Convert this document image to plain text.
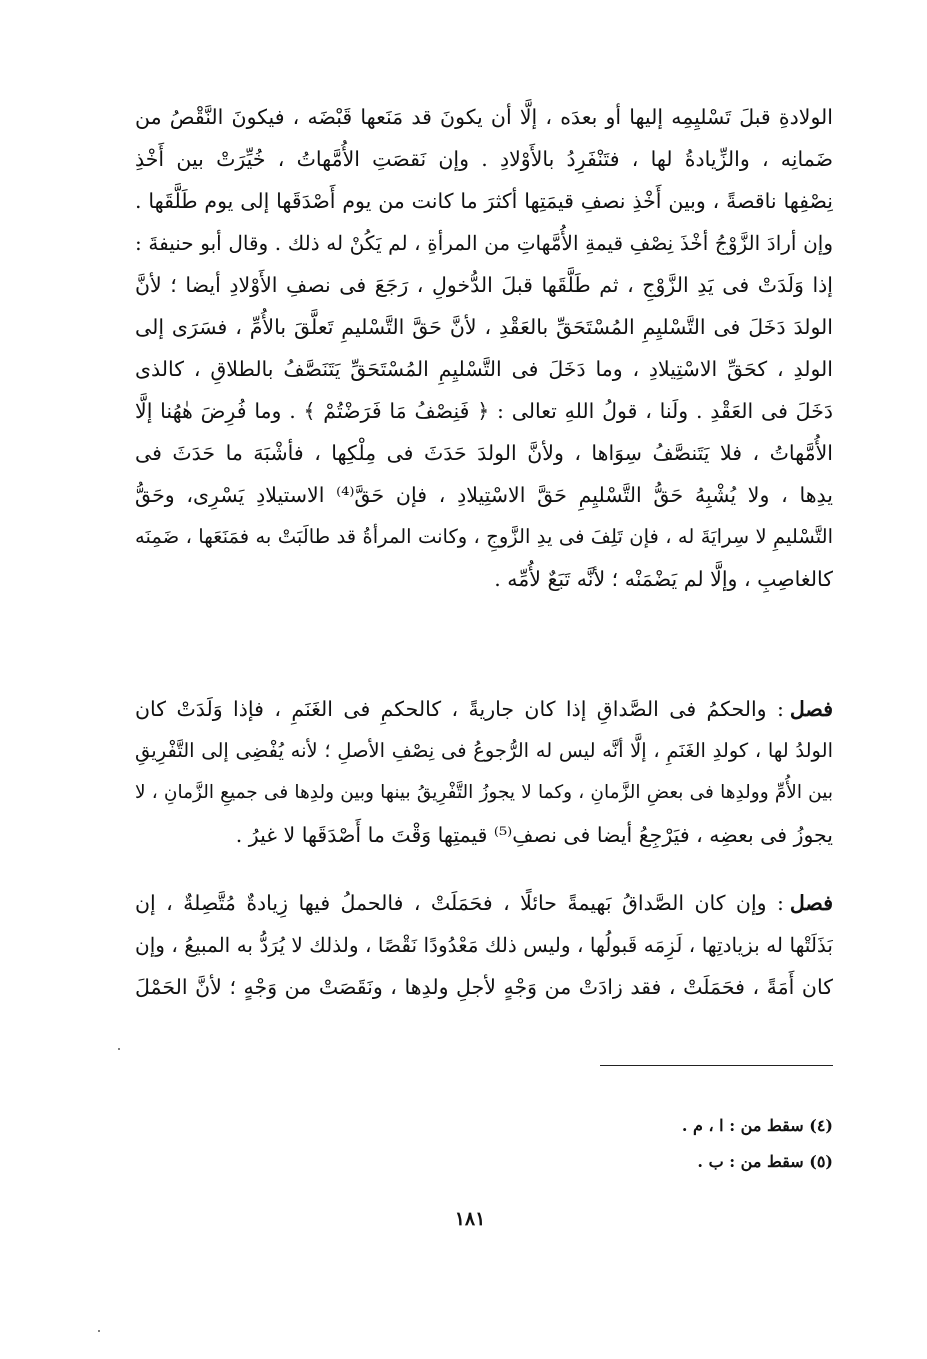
الولادةِ قبلَ تَسْليِمِه إليها أو بعدَه ، إلَّا أن يكونَ قد مَنَعها قَبْضَه ، فيكونَ النَّقْصُ من
ضَمانِه ، والزِّيادةُ لها ، فتَنْفَرِدُ بالأَوْلادِ . وإن نَقصَتِ الأُمَّهاتُ ، خُيِّرَتْ بين أَخْذِ
نِصْفِها ناقصةً ، وبين أَخْذِ نصفِ قيمَتِها أكثرَ ما كانت من يوم أَصْدَقَها إلى يوم طَلَّقَها .
وإن أرادَ الزَّوْجُ أخْذَ نِصْفِ قيمةِ الأُمَّهاتِ من المرأةِ ، لم يَكُنْ له ذلك . وقال أبو حنيفةَ :
إذا وَلَدَتْ فى يَدِ الزَّوْجِ ، ثم طَلَّقَها قبلَ الدُّخولِ ، رَجَعَ فى نصفِ الأَوْلادِ أيضا ؛ لأنَّ
الولدَ دَخَلَ فى التَّسْليِمِ المُسْتَحَقِّ بالعَقْدِ ، لأنَّ حَقَّ التَّسْليمِ تَعلَّقَ بالأُمِّ ، فسَرَى إلى
الولدِ ، كحَقِّ الاسْتِيلادِ ، وما دَخَلَ فى التَّسْليِمِ المُسْتَحَقِّ يَتَنَصَّفُ بالطلاقِ ، كالذى
دَخَلَ فى العَقْدِ . ولَنا ، قولُ اللهِ تعالى : ﴿ فَنِصْفُ مَا فَرَضْتُمْ ﴾ . وما فُرِضَ هٰهُنا إلَّا
الأُمَّهاتُ ، فلا يَتَنصَّفُ سِوَاها ، ولأنَّ الولدَ حَدَثَ فى مِلْكِها ، فأشْبَهَ ما حَدَثَ فى
يدِها ، ولا يُشْبِهُ حَقُّ التَّسْليِمِ حَقَّ الاسْتِيلادِ ، فإن حَقَّ⁽⁴⁾ الاستيلادِ يَسْرِى، وحَقُّ
التَّسْليمِ لا سِرايَةَ له ، فإن تَلِفَ فى يدِ الزَّوجِ ، وكانت المرأةُ قد طالَبَتْ به فمَنَعَها ، ضَمِنَه
كالغاصِبِ ، وإلَّا لم يَضْمَنْه ؛ لأنَّه تَبَعٌ لأُمِّه .
فصل: والحكمُ فى الصَّداقِ إذا كان جاريةً ، كالحكمِ فى الغَنَمِ ، فإذا وَلَدَتْ كان
الولدُ لها ، كولدِ الغَنَمِ ، إلَّا أنَّه ليس له الرُّجوعُ فى نِصْفِ الأصلِ ؛ لأنه يُفْضِى إلى التَّفْرِيقِ
بين الأُمِّ وولدِها فى بعضِ الزَّمانِ ، وكما لا يجوزُ التَّفْرِيقُ بينها وبين ولدِها فى جميعِ الزَّمانِ ، لا
يجوزُ فى بعضِه ، فيَرْجِعُ أيضا فى نصفِ⁽⁵⁾ قيمتِها وَقْتَ ما أَصْدَقَها لا غيرُ .
فصل: وإن كان الصَّداقُ بَهيمةً حائلًا ، فحَمَلَتْ ، فالحملُ فيها زِيادةٌ مُتَّصِلةٌ ، إن
بَذَلَتْها له بزيادتِها ، لَزِمَه قَبولُها ، وليس ذلك مَعْدُودًا نَقْصًا ، ولذلك لا يُرَدُّ به المبيعُ ، وإن
كان أَمَةً ، فحَمَلَتْ ، فقد زادَتْ من وَجْهٍ لأجلِ ولدِها ، ونَقَصَتْ من وَجْهٍ ؛ لأنَّ الحَمْلَ
(٤) سقط من : ا ، م .
(٥) سقط من : ب .
١٨١
